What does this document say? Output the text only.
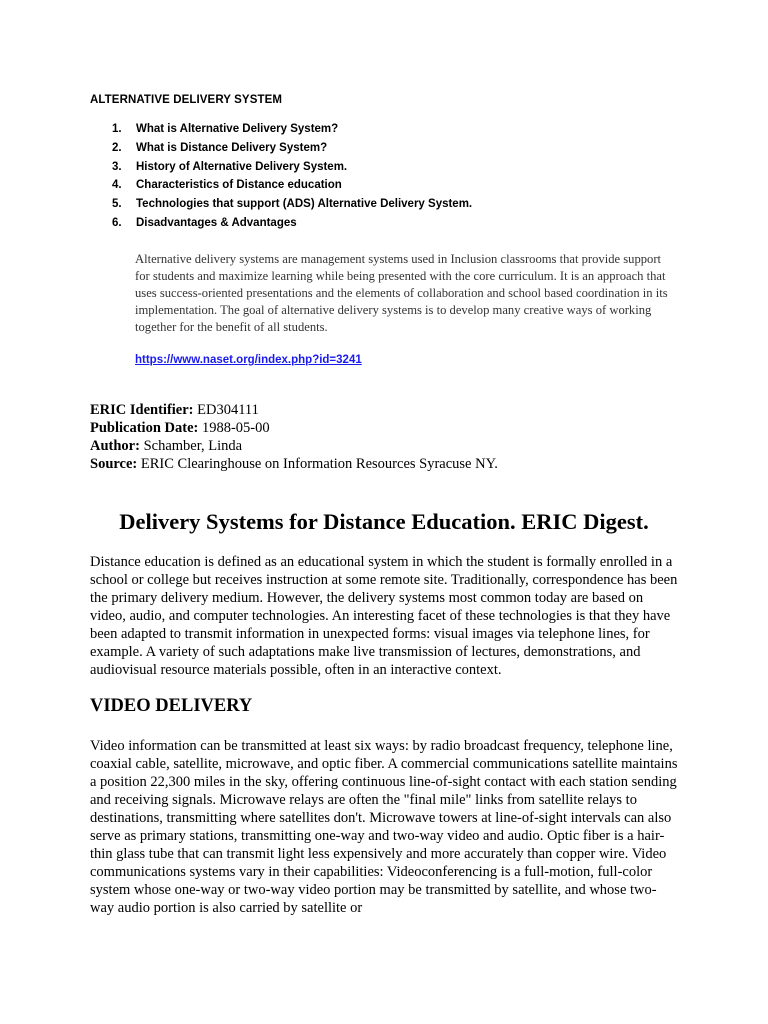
ALTERNATIVE DELIVERY SYSTEM
1. What is Alternative Delivery System?
2. What is Distance Delivery System?
3. History of Alternative Delivery System.
4. Characteristics of Distance education
5. Technologies that support (ADS) Alternative Delivery System.
6. Disadvantages & Advantages

Alternative delivery systems are management systems used in Inclusion classrooms that provide support for students and maximize learning while being presented with the core curriculum. It is an approach that uses success-oriented presentations and the elements of collaboration and school based coordination in its implementation. The goal of alternative delivery systems is to develop many creative ways of working together for the benefit of all students.

https://www.naset.org/index.php?id=3241
ERIC Identifier: ED304111
Publication Date: 1988-05-00
Author: Schamber, Linda
Source: ERIC Clearinghouse on Information Resources Syracuse NY.
Delivery Systems for Distance Education. ERIC Digest.

Distance education is defined as an educational system in which the student is formally enrolled in a school or college but receives instruction at some remote site. Traditionally, correspondence has been the primary delivery medium. However, the delivery systems most common today are based on video, audio, and computer technologies. An interesting facet of these technologies is that they have been adapted to transmit information in unexpected forms: visual images via telephone lines, for example. A variety of such adaptations make live transmission of lectures, demonstrations, and audiovisual resource materials possible, often in an interactive context.

VIDEO DELIVERY

Video information can be transmitted at least six ways: by radio broadcast frequency, telephone line, coaxial cable, satellite, microwave, and optic fiber. A commercial communications satellite maintains a position 22,300 miles in the sky, offering continuous line-of-sight contact with each station sending and receiving signals. Microwave relays are often the "final mile" links from satellite relays to destinations, transmitting where satellites don't. Microwave towers at line-of-sight intervals can also serve as primary stations, transmitting one-way and two-way video and audio. Optic fiber is a hair-thin glass tube that can transmit light less expensively and more accurately than copper wire. Video communications systems vary in their capabilities: Videoconferencing is a full-motion, full-color system whose one-way or two-way video portion may be transmitted by satellite, and whose two-way audio portion is also carried by satellite or
